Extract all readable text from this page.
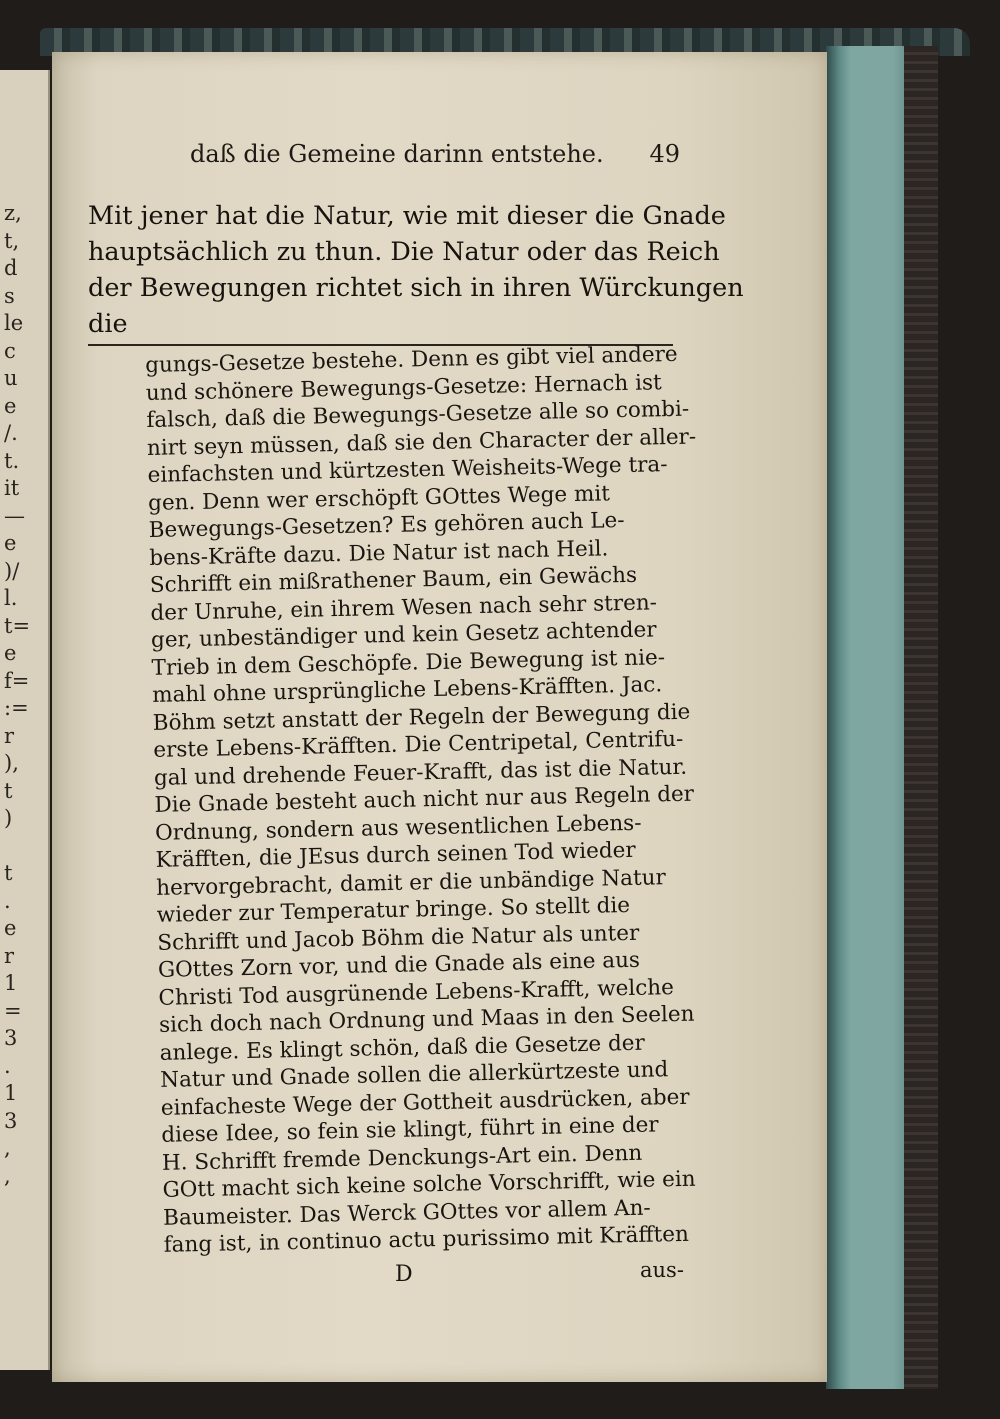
z,
t,
d
s
le
c
u
e
/.
t.
it
—
e
)/
l.
t=
e
f=
:=
r
),
t
)

t
.
e
r
1
=
3
.
1
3
,
,
daß die Gemeine darinn entstehe. 49
Mit jener hat die Natur, wie mit dieser die Gnade
hauptsächlich zu thun. Die Natur oder das Reich
der Bewegungen richtet sich in ihren Würckungen
die
gungs-Gesetze bestehe. Denn es gibt viel andere
und schönere Bewegungs-Gesetze: Hernach ist
falsch, daß die Bewegungs-Gesetze alle so combi-
nirt seyn müssen, daß sie den Character der aller-
einfachsten und kürtzesten Weisheits-Wege tra-
gen. Denn wer erschöpft GOttes Wege mit
Bewegungs-Gesetzen? Es gehören auch Le-
bens-Kräfte dazu. Die Natur ist nach Heil.
Schrifft ein mißrathener Baum, ein Gewächs
der Unruhe, ein ihrem Wesen nach sehr stren-
ger, unbeständiger und kein Gesetz achtender
Trieb in dem Geschöpfe. Die Bewegung ist nie-
mahl ohne ursprüngliche Lebens-Kräfften. Jac.
Böhm setzt anstatt der Regeln der Bewegung die
erste Lebens-Kräfften. Die Centripetal, Centrifu-
gal und drehende Feuer-Krafft, das ist die Natur.
Die Gnade besteht auch nicht nur aus Regeln der
Ordnung, sondern aus wesentlichen Lebens-
Kräfften, die JEsus durch seinen Tod wieder
hervorgebracht, damit er die unbändige Natur
wieder zur Temperatur bringe. So stellt die
Schrifft und Jacob Böhm die Natur als unter
GOttes Zorn vor, und die Gnade als eine aus
Christi Tod ausgrünende Lebens-Krafft, welche
sich doch nach Ordnung und Maas in den Seelen
anlege. Es klingt schön, daß die Gesetze der
Natur und Gnade sollen die allerkürtzeste und
einfacheste Wege der Gottheit ausdrücken, aber
diese Idee, so fein sie klingt, führt in eine der
H. Schrifft fremde Denckungs-Art ein. Denn
GOtt macht sich keine solche Vorschrifft, wie ein
Baumeister. Das Werck GOttes vor allem An-
fang ist, in continuo actu purissimo mit Kräfften
D	aus-
